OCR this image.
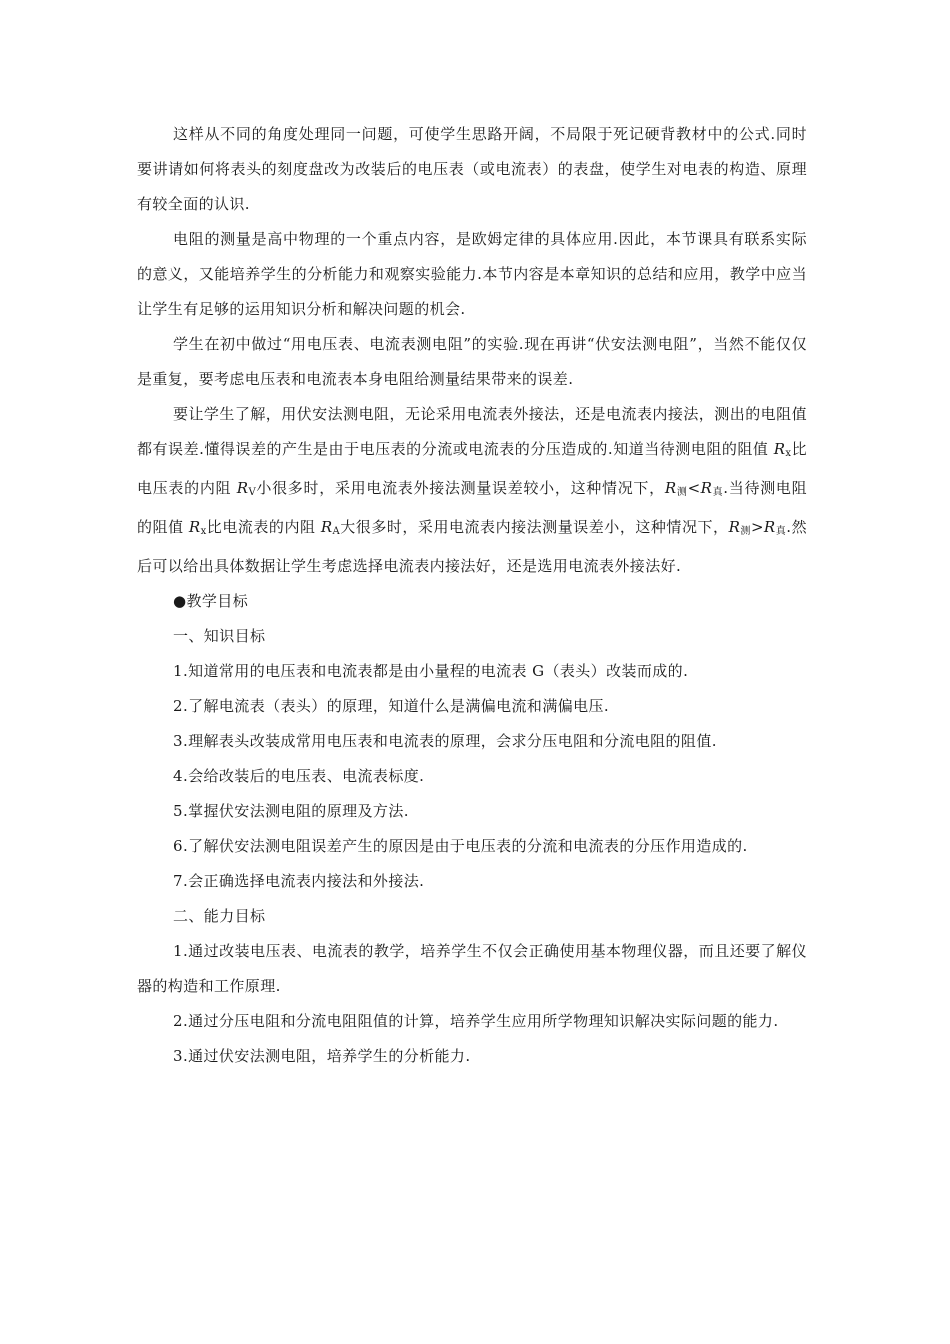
这样从不同的角度处理同一问题，可使学生思路开阔，不局限于死记硬背教材中的公式.同时要讲请如何将表头的刻度盘改为改装后的电压表（或电流表）的表盘，使学生对电表的构造、原理有较全面的认识.

电阻的测量是高中物理的一个重点内容，是欧姆定律的具体应用.因此，本节课具有联系实际的意义，又能培养学生的分析能力和观察实验能力.本节内容是本章知识的总结和应用，教学中应当让学生有足够的运用知识分析和解决问题的机会.

学生在初中做过“用电压表、电流表测电阻”的实验.现在再讲“伏安法测电阻”，当然不能仅仅是重复，要考虑电压表和电流表本身电阻给测量结果带来的误差.

要让学生了解，用伏安法测电阻，无论采用电流表外接法，还是电流表内接法，测出的电阻值都有误差.懂得误差的产生是由于电压表的分流或电流表的分压造成的.知道当待测电阻的阻值 $R_x$比电压表的内阻 $R_V$小很多时，采用电流表外接法测量误差较小，这种情况下，$R_测<R_真$.当待测电阻的阻值 $R_x$比电流表的内阻 $R_A$大很多时，采用电流表内接法测量误差小，这种情况下，$R_测>R_真$.然后可以给出具体数据让学生考虑选择电流表内接法好，还是选用电流表外接法好.

●教学目标

一、知识目标

1.知道常用的电压表和电流表都是由小量程的电流表 G（表头）改装而成的.

2.了解电流表（表头）的原理，知道什么是满偏电流和满偏电压.

3.理解表头改装成常用电压表和电流表的原理，会求分压电阻和分流电阻的阻值.

4.会给改装后的电压表、电流表标度.

5.掌握伏安法测电阻的原理及方法.

6.了解伏安法测电阻误差产生的原因是由于电压表的分流和电流表的分压作用造成的.

7.会正确选择电流表内接法和外接法.

二、能力目标

1.通过改装电压表、电流表的教学，培养学生不仅会正确使用基本物理仪器，而且还要了解仪器的构造和工作原理.

2.通过分压电阻和分流电阻阻值的计算，培养学生应用所学物理知识解决实际问题的能力.

3.通过伏安法测电阻，培养学生的分析能力.
